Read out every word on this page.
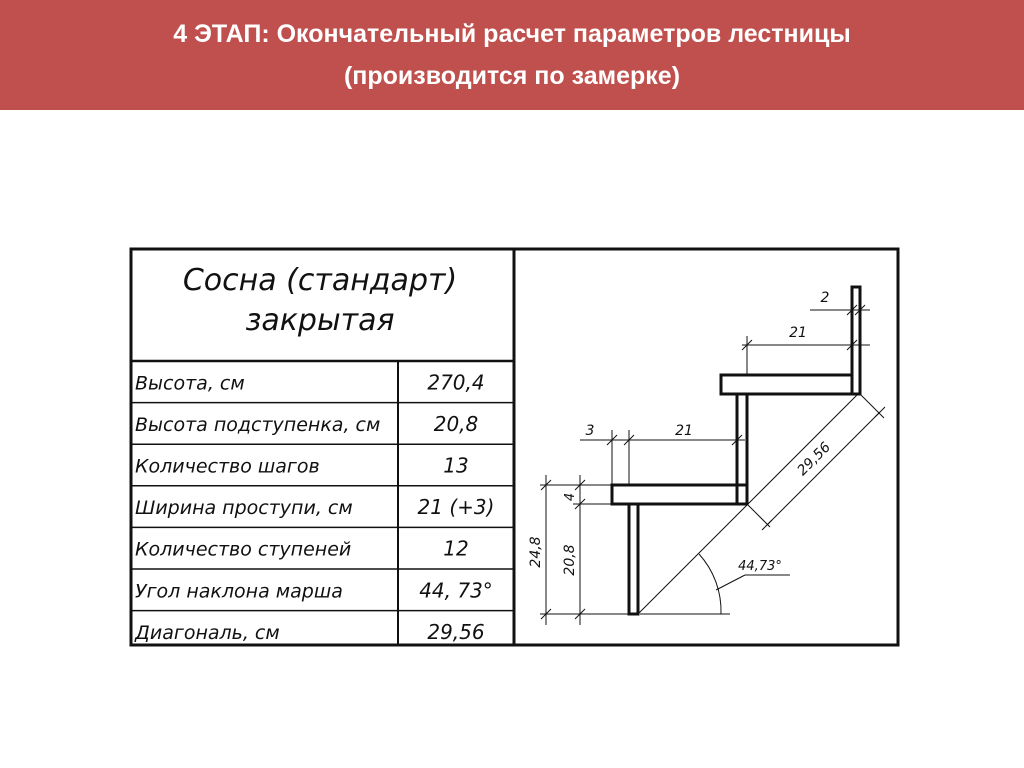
4 ЭТАП: Окончательный расчет параметров лестницы
(производится по замерке)
Сосна (стандарт)
закрытая
Высота, см	270,4
Высота подступенка, см	20,8
Количество шагов	13
Ширина проступи, см	21 (+3)
Количество ступеней	12
Угол наклона марша	44, 73°
Диагональ, см	29,56
2
21
3	21
4
24,8 20,8
29,56
44,73°
